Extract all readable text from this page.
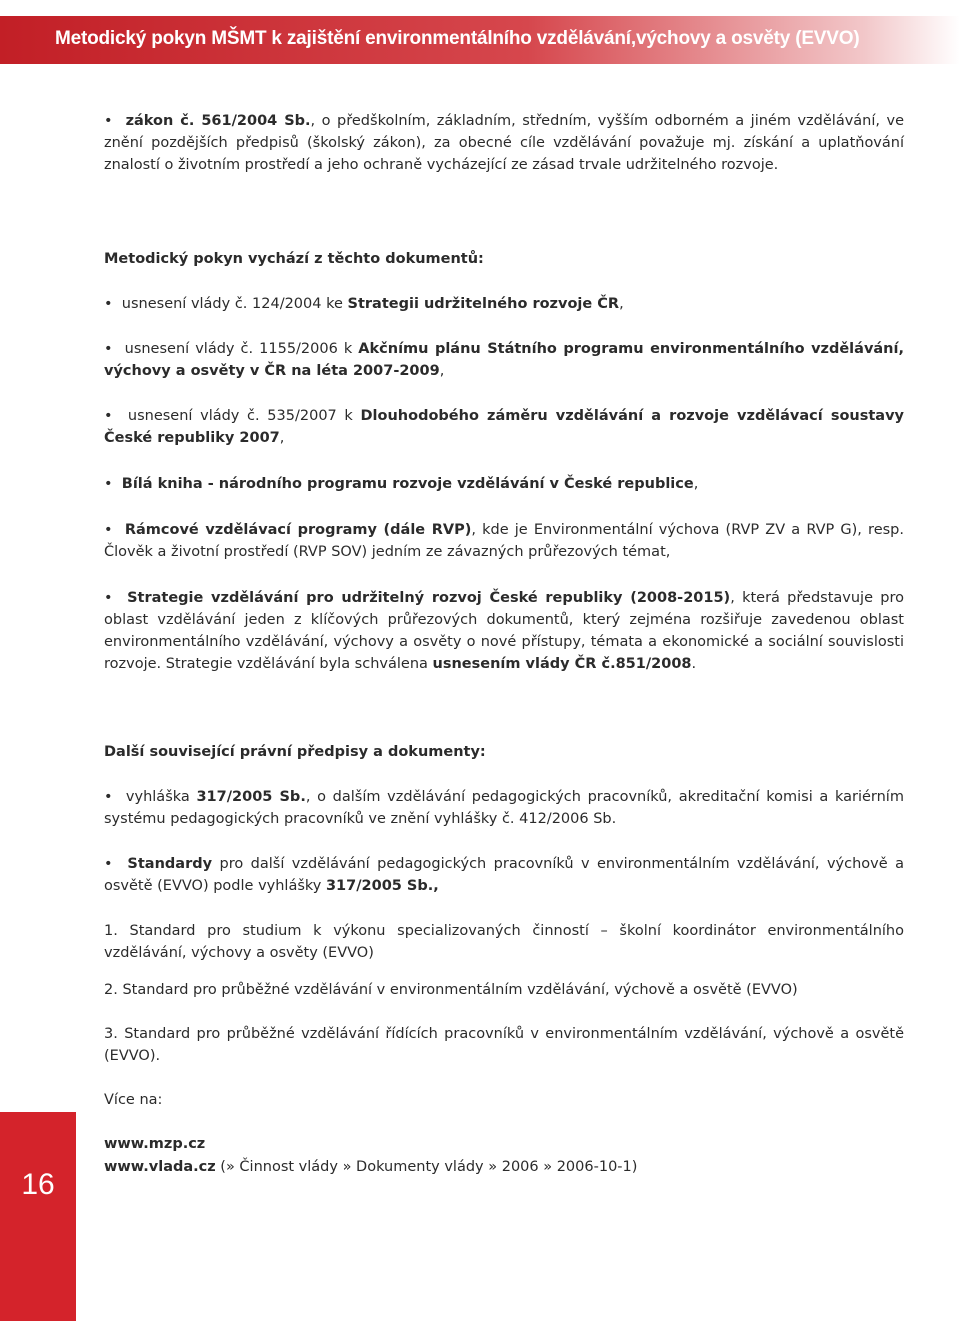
Metodický pokyn MŠMT k zajištění environmentálního vzdělávání,výchovy a osvěty (EVVO)

•  zákon č. 561/2004 Sb., o předškolním, základním, středním, vyšším odborném a jiném vzdělávání, ve znění pozdějších předpisů (školský zákon), za obecné cíle vzdělávání považuje mj. získání a uplatňování znalostí o životním prostředí a jeho ochraně vycházející ze zásad trvale udržitelného rozvoje.

Metodický pokyn vychází z těchto dokumentů:

•  usnesení vlády č. 124/2004 ke Strategii udržitelného rozvoje ČR,

•  usnesení vlády č. 1155/2006 k Akčnímu plánu Státního programu environmentálního vzdělávání, výchovy a osvěty v ČR na léta 2007-2009,

•  usnesení vlády č. 535/2007 k Dlouhodobého záměru vzdělávání a rozvoje vzdělávací soustavy České republiky 2007,

•  Bílá kniha - národního programu rozvoje vzdělávání v České republice,

•  Rámcové vzdělávací programy (dále RVP), kde je Environmentální výchova (RVP ZV a RVP G), resp. Člověk a životní prostředí (RVP SOV) jedním ze závazných průřezových témat,

•  Strategie vzdělávání pro udržitelný rozvoj České republiky (2008-2015), která představuje pro oblast vzdělávání jeden z klíčových průřezových dokumentů, který zejména rozšiřuje zavedenou oblast environmentálního vzdělávání, výchovy a osvěty o nové přístupy, témata a ekonomické a sociální souvislosti rozvoje. Strategie vzdělávání byla schválena usnesením vlády ČR č.851/2008.

Další související právní předpisy a dokumenty:

•  vyhláška 317/2005 Sb., o dalším vzdělávání pedagogických pracovníků, akreditační komisi a kariérním systému pedagogických pracovníků ve znění vyhlášky č. 412/2006 Sb.

•  Standardy pro další vzdělávání pedagogických pracovníků v environmentálním vzdělávání, výchově a osvětě (EVVO) podle vyhlášky 317/2005 Sb.,

1. Standard pro studium k výkonu specializovaných činností – školní koordinátor environmentálního vzdělávání, výchovy a osvěty (EVVO)

2. Standard pro průběžné vzdělávání v environmentálním vzdělávání, výchově a osvětě (EVVO)

3. Standard pro průběžné vzdělávání řídících pracovníků v environmentálním vzdělávání, výchově a osvětě (EVVO).

Více na:

www.mzp.cz
www.vlada.cz (» Činnost vlády » Dokumenty vlády » 2006 » 2006-10-1)
16
